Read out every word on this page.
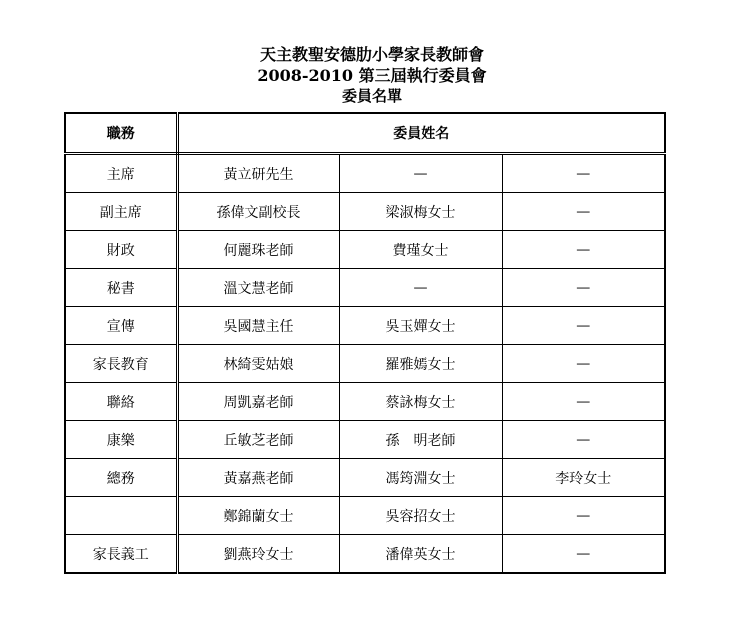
天主教聖安德肋小學家長教師會
2008-2010 第三屆執行委員會
委員名單
職務	委員姓名		
主席	黃立研先生	—	—
副主席	孫偉文副校長	梁淑梅女士	—
財政	何麗珠老師	費瑾女士	—
秘書	溫文慧老師	—	—
宣傳	吳國慧主任	吳玉嬋女士	—
家長教育	林綺雯姑娘	羅雅嫣女士	—
聯絡	周凱嘉老師	蔡詠梅女士	—
康樂	丘敏芝老師	孫　明老師	—
總務	黃嘉燕老師	馮筠淵女士	李玲女士
	鄭錦蘭女士	吳容招女士	—
家長義工	劉燕玲女士	潘偉英女士	—
